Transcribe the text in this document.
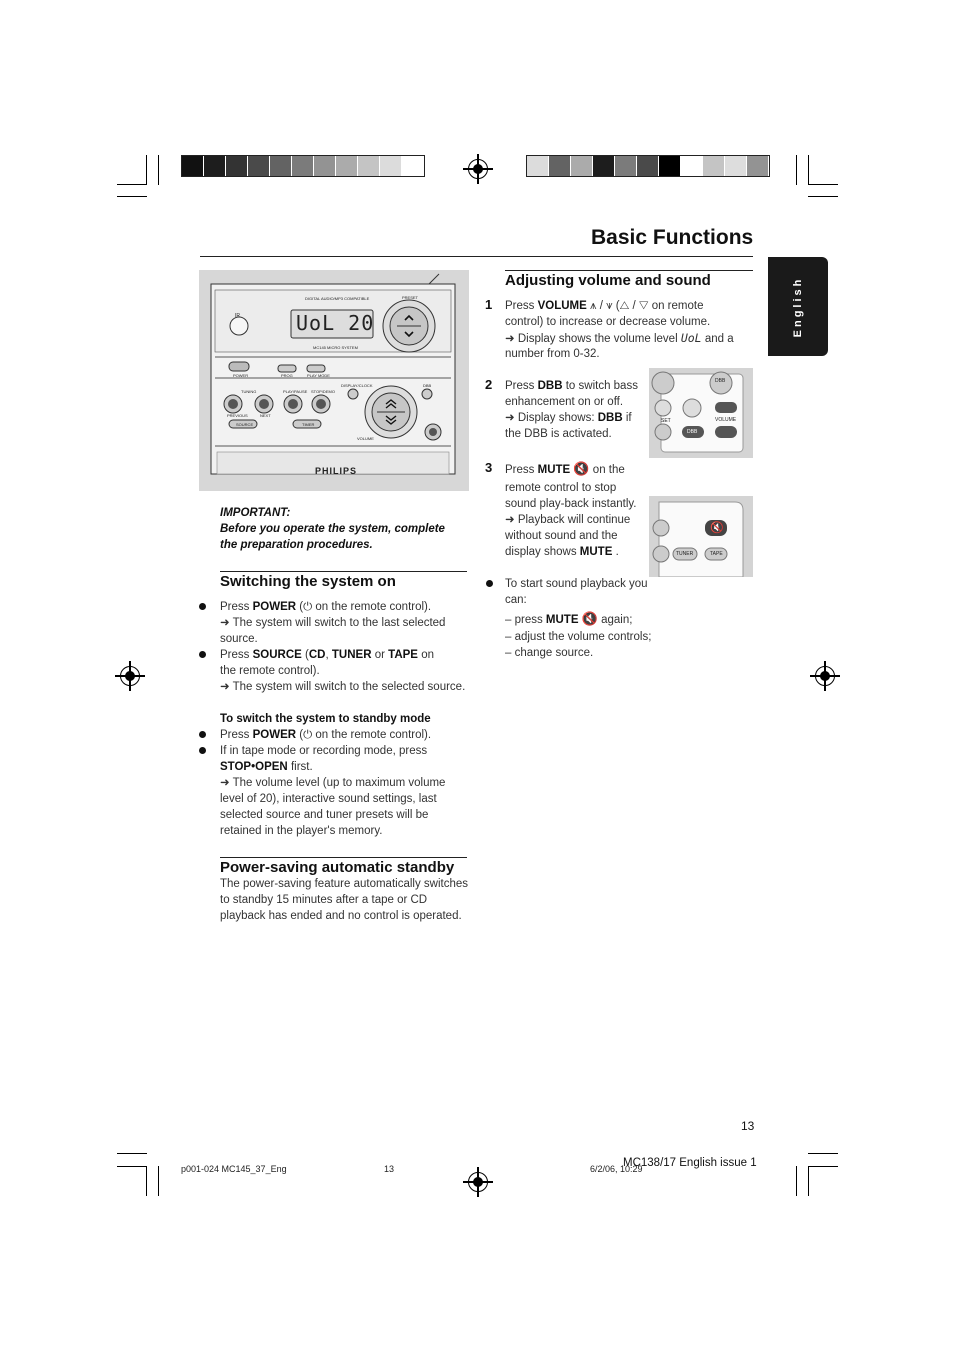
Basic Functions
English
DIGITAL AUDIO/MP3 COMPATIBLE	PRESET
UoL 20
MC145 MICRO SYSTEM
IR
POWER	PROG	PLAY MODE
TUNING	PLAY/PAUSE STOP/DEMO
DISPLAY/CLOCK	DBB
PREVIOUS	NEXT
SOURCE	TIMER
VOLUME
PHILIPS
IMPORTANT:
Before you operate the system, complete
the preparation procedures.
Switching the system on
Press POWER (⏻ on the remote control).
➜ The system will switch to the last selected
source.
Press SOURCE (CD, TUNER or TAPE on
the remote control).
➜ The system will switch to the selected source.
To switch the system to standby mode
Press POWER (⏻ on the remote control).
If in tape mode or recording mode, press
STOP•OPEN first.
➜ The volume level (up to maximum volume
level of 20), interactive sound settings, last
selected source and tuner presets will be
retained in the player's memory.
Power-saving automatic standby
The power-saving feature automatically switches
to standby 15 minutes after a tape or CD
playback has ended and no control is operated.
Adjusting volume and sound
1 Press VOLUME ⩚ / ⩛ (△ / ▽ on remote
control) to increase or decrease volume.
➜ Display shows the volume level UoL and a
number from 0-32.
2 Press DBB to switch bass
enhancement on or off.
➜ Display shows: DBB if
the DBB is activated.
DBB
SET	VOLUME
DBB
3 Press MUTE 🔇 on the
remote control to stop
sound play-back instantly.
➜ Playback will continue
without sound and the
display shows MUTE .
🔇
TUNER	TAPE
To start sound playback you
can:
– press MUTE 🔇 again;
– adjust the volume controls;
– change source.
13
p001-024 MC145_37_Eng	13	6/2/06, 10:29
MC138/17 English issue 1
